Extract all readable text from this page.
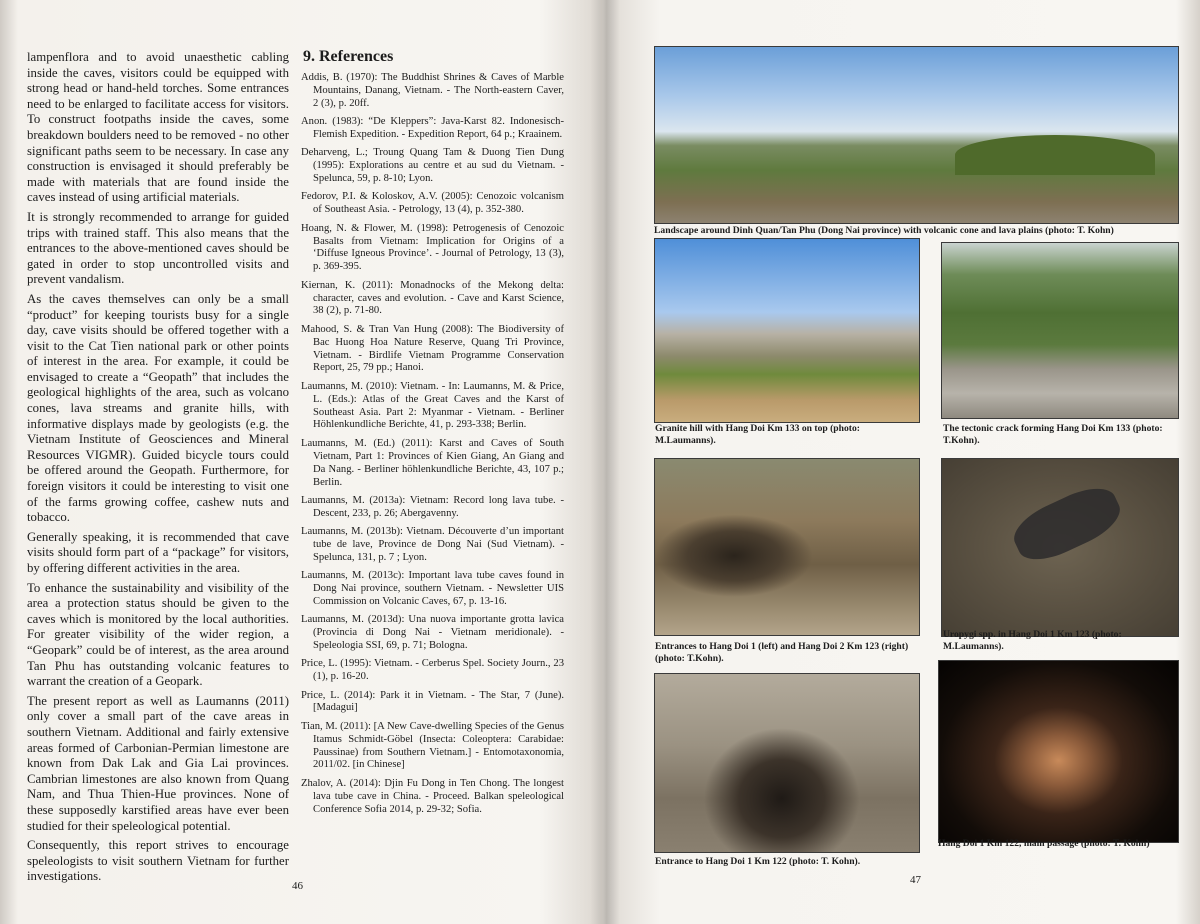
lampenflora and to avoid unaesthetic cabling inside the caves, visitors could be equipped with strong head or hand-held torches. Some entrances need to be enlarged to facilitate access for visitors. To construct footpaths inside the caves, some breakdown boulders need to be removed - no other significant paths seem to be necessary. In case any construction is envisaged it should preferably be made with materials that are found inside the caves instead of using artificial materials.

It is strongly recommended to arrange for guided trips with trained staff. This also means that the entrances to the above-mentioned caves should be gated in order to stop uncontrolled visits and prevent vandalism.

As the caves themselves can only be a small “product” for keeping tourists busy for a single day, cave visits should be offered together with a visit to the Cat Tien national park or other points of interest in the area. For example, it could be envisaged to create a “Geopath” that includes the geological highlights of the area, such as volcano cones, lava streams and granite hills, with informative displays made by geologists (e.g. the Vietnam Institute of Geosciences and Mineral Resources VIGMR). Guided bicycle tours could be offered around the Geopath. Furthermore, for foreign visitors it could be interesting to visit one of the farms growing coffee, cashew nuts and tobacco.

Generally speaking, it is recommended that cave visits should form part of a “package” for visitors, by offering different activities in the area.

To enhance the sustainability and visibility of the area a protection status should be given to the caves which is monitored by the local authorities. For greater visibility of the wider region, a “Geopark” could be of interest, as the area around Tan Phu has outstanding volcanic features to warrant the creation of a Geopark.

The present report as well as Laumanns (2011) only cover a small part of the cave areas in southern Vietnam. Additional and fairly extensive areas formed of Carbonian-Permian limestone are known from Dak Lak and Gia Lai provinces. Cambrian limestones are also known from Quang Nam, and Thua Thien-Hue provinces. None of these supposedly karstified areas have ever been studied for their speleological potential.

Consequently, this report strives to encourage speleologists to visit southern Vietnam for further investigations.

9. References

Addis, B. (1970): The Buddhist Shrines & Caves of Marble Mountains, Danang, Vietnam. - The North-eastern Caver, 2 (3), p. 20ff.

Anon. (1983): “De Kleppers”: Java-Karst 82. Indonesisch-Flemish Expedition. - Expedition Report, 64 p.; Kraainem.

Deharveng, L.; Troung Quang Tam & Duong Tien Dung (1995): Explorations au centre et au sud du Vietnam. - Spelunca, 59, p. 8-10; Lyon.

Fedorov, P.I. & Koloskov, A.V. (2005): Cenozoic volcanism of Southeast Asia. - Petrology, 13 (4), p. 352-380.

Hoang, N. & Flower, M. (1998): Petrogenesis of Cenozoic Basalts from Vietnam: Implication for Origins of a ‘Diffuse Igneous Province’. - Journal of Petrology, 13 (3), p. 369-395.

Kiernan, K. (2011): Monadnocks of the Mekong delta: character, caves and evolution. - Cave and Karst Science, 38 (2), p. 71-80.

Mahood, S. & Tran Van Hung (2008): The Biodiversity of Bac Huong Hoa Nature Reserve, Quang Tri Province, Vietnam. - Birdlife Vietnam Programme Conservation Report, 25, 79 pp.; Hanoi.

Laumanns, M. (2010): Vietnam. - In: Laumanns, M. & Price, L. (Eds.): Atlas of the Great Caves and the Karst of Southeast Asia. Part 2: Myanmar - Vietnam. - Berliner Höhlenkundliche Berichte, 41, p. 293-338; Berlin.

Laumanns, M. (Ed.) (2011): Karst and Caves of South Vietnam, Part 1: Provinces of Kien Giang, An Giang and Da Nang. - Berliner höhlenkundliche Berichte, 43, 107 p.; Berlin.

Laumanns, M. (2013a): Vietnam: Record long lava tube. - Descent, 233, p. 26; Abergavenny.

Laumanns, M. (2013b): Vietnam. Découverte d’un important tube de lave, Province de Dong Nai (Sud Vietnam). - Spelunca, 131, p. 7 ; Lyon.

Laumanns, M. (2013c): Important lava tube caves found in Dong Nai province, southern Vietnam. - Newsletter UIS Commission on Volcanic Caves, 67, p. 13-16.

Laumanns, M. (2013d): Una nuova importante grotta lavica (Provincia di Dong Nai - Vietnam meridionale). - Speleologia SSI, 69, p. 71; Bologna.

Price, L. (1995): Vietnam. - Cerberus Spel. Society Journ., 23 (1), p. 16-20.

Price, L. (2014): Park it in Vietnam. - The Star, 7 (June). [Madagui]

Tian, M. (2011): [A New Cave-dwelling Species of the Genus Itamus Schmidt-Göbel (Insecta: Coleoptera: Carabidae: Paussinae) from Southern Vietnam.] - Entomotaxonomia, 2011/02. [in Chinese]

Zhalov, A. (2014): Djin Fu Dong in Ten Chong. The longest lava tube cave in China. - Proceed. Balkan speleological Conference Sofia 2014, p. 29-32; Sofia.

46
Landscape around Dinh Quan/Tan Phu (Dong Nai province) with volcanic cone and lava plains (photo: T. Kohn)
Granite hill with Hang Doi Km 133 on top (photo: M.Laumanns).
The tectonic crack forming Hang Doi Km 133 (photo: T.Kohn).
Entrances to Hang Doi 1 (left) and Hang Doi 2 Km 123 (right) (photo: T.Kohn).
Uropygi spp. in Hang Doi 1 Km 123 (photo: M.Laumanns).
Entrance to Hang Doi 1 Km 122 (photo: T. Kohn).
Hang Doi 1 Km 122, main passage (photo: T. Kohn)
47
